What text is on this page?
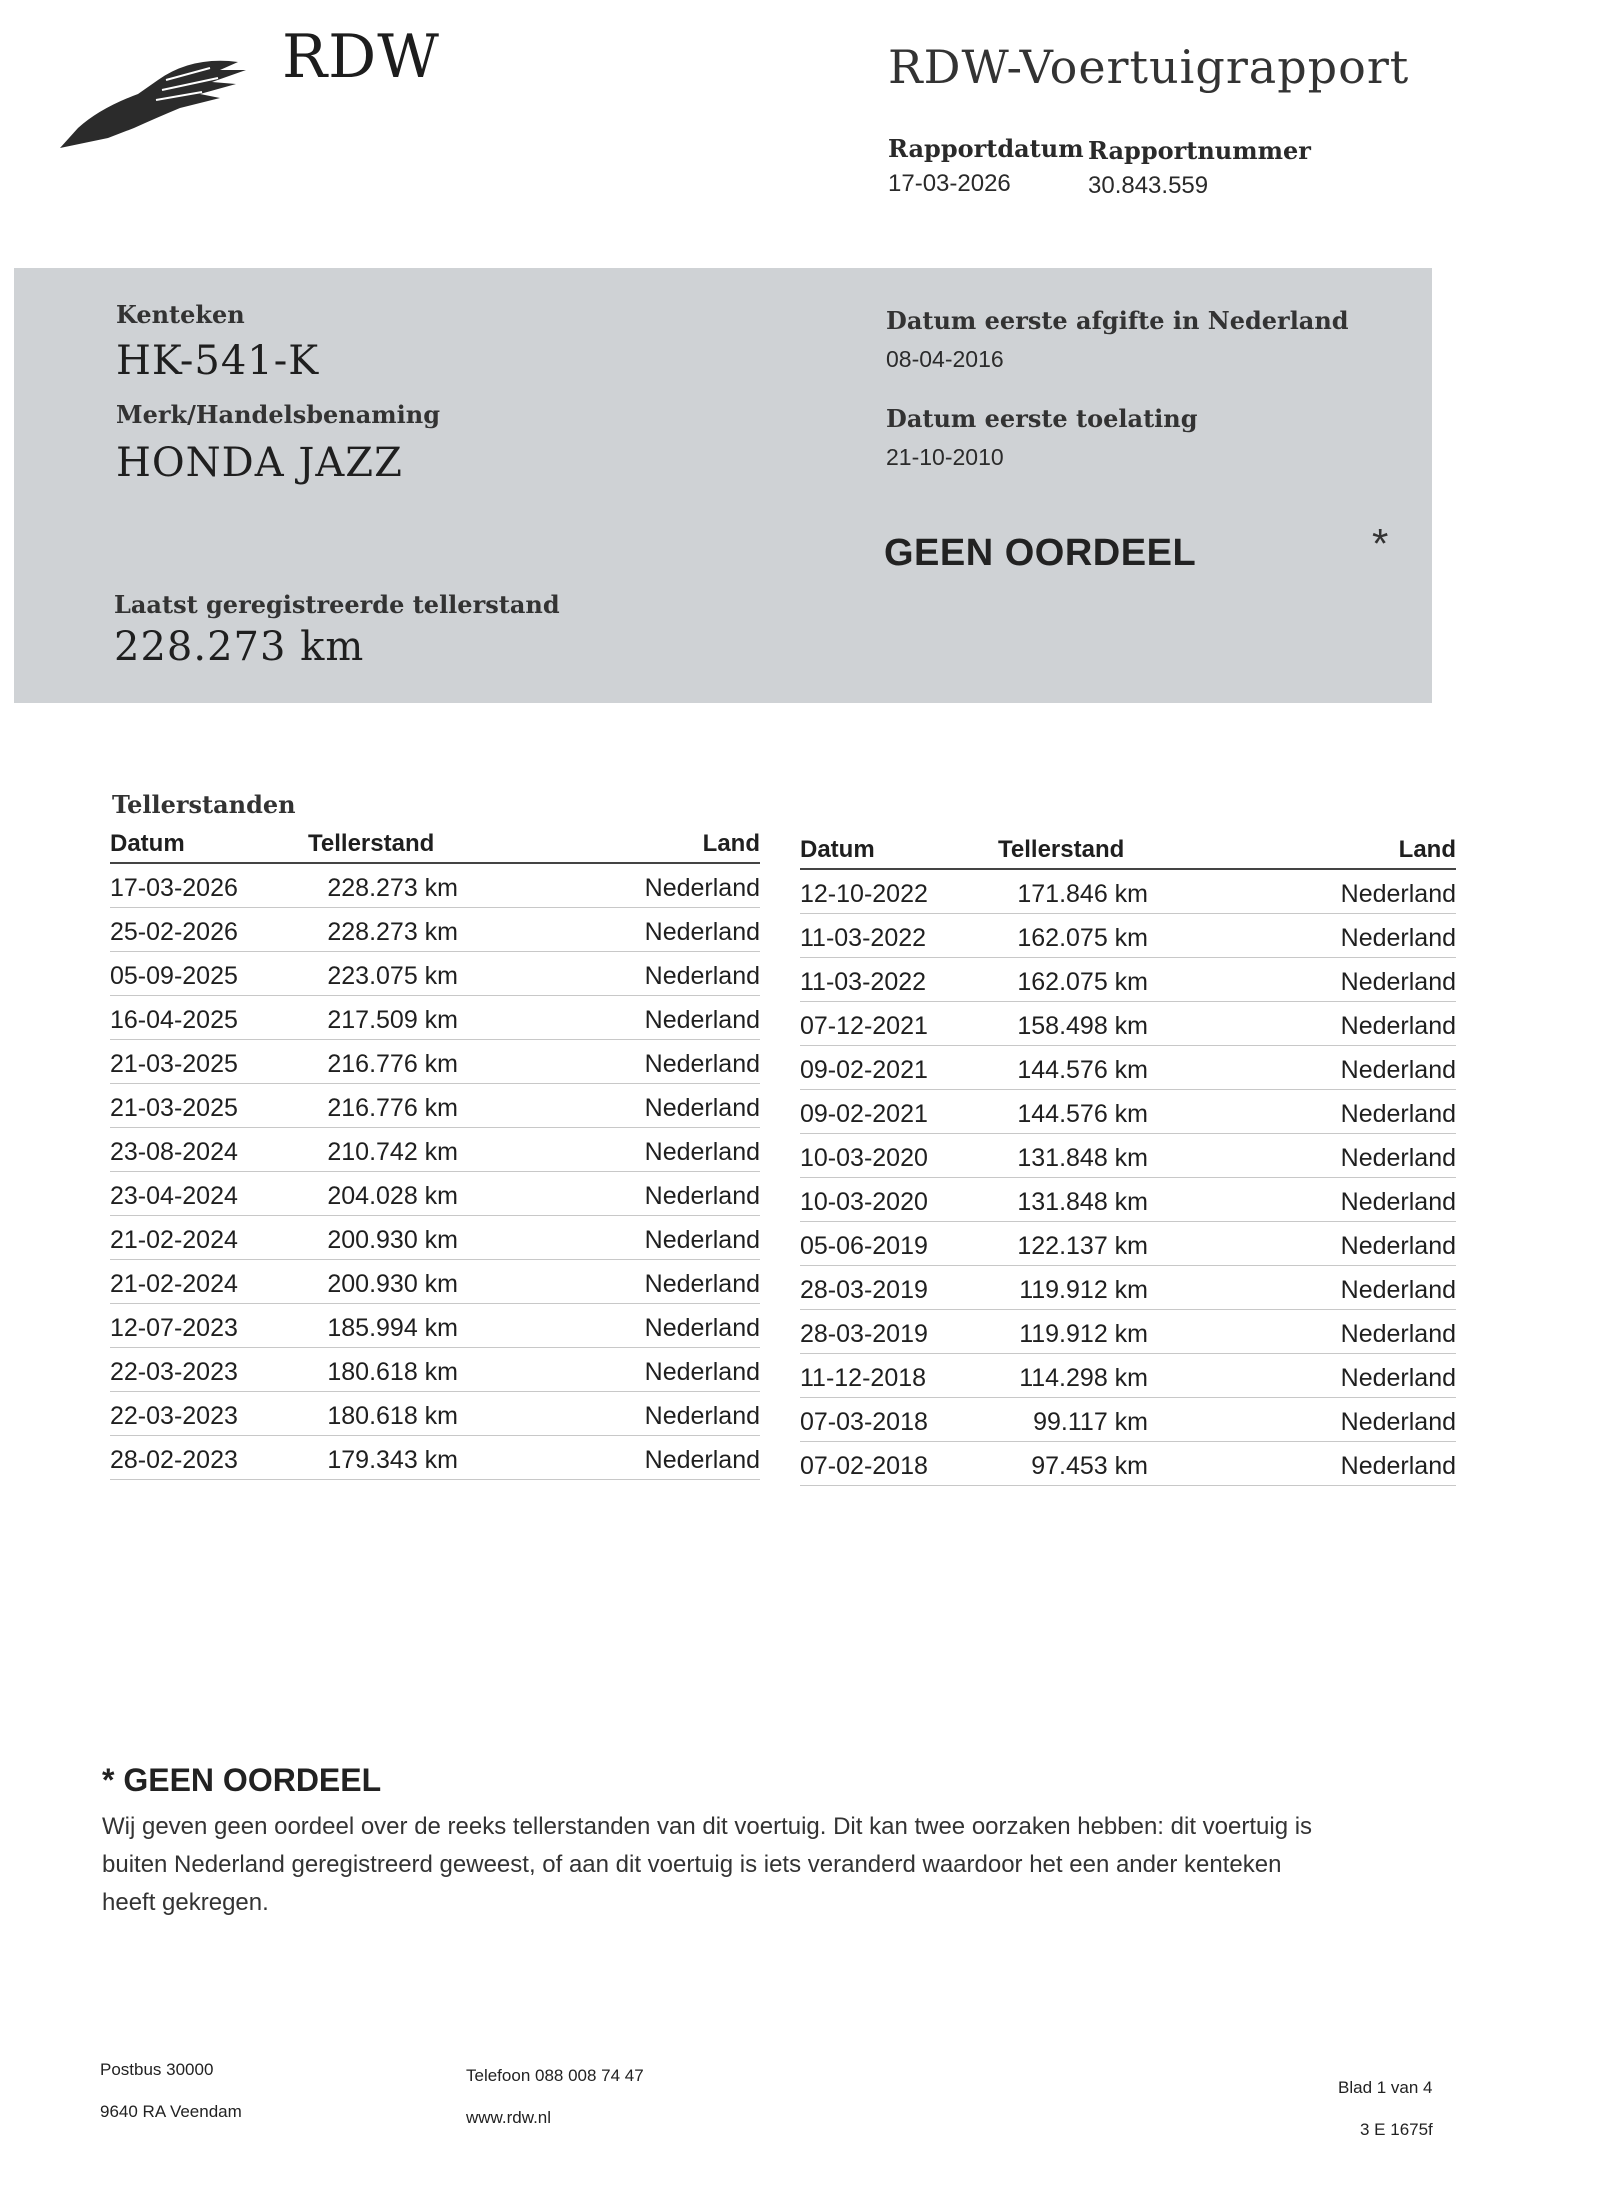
RDW	RDW-Voertuigrapport
Rapportdatum
17-03-2026
Rapportnummer
30.843.559
Kenteken
HK-541-K
Merk/Handelsbenaming
HONDA JAZZ
Datum eerste afgifte in Nederland
08-04-2016
Datum eerste toelating
21-10-2010
GEEN OORDEEL	*
Laatst geregistreerde tellerstand
228.273 km
Tellerstanden
Datum	Tellerstand	Land
17-03-2026	228.273 km	Nederland
25-02-2026	228.273 km	Nederland
05-09-2025	223.075 km	Nederland
16-04-2025	217.509 km	Nederland
21-03-2025	216.776 km	Nederland
21-03-2025	216.776 km	Nederland
23-08-2024	210.742 km	Nederland
23-04-2024	204.028 km	Nederland
21-02-2024	200.930 km	Nederland
21-02-2024	200.930 km	Nederland
12-07-2023	185.994 km	Nederland
22-03-2023	180.618 km	Nederland
22-03-2023	180.618 km	Nederland
28-02-2023	179.343 km	Nederland
Datum	Tellerstand	Land
12-10-2022	171.846 km	Nederland
11-03-2022	162.075 km	Nederland
11-03-2022	162.075 km	Nederland
07-12-2021	158.498 km	Nederland
09-02-2021	144.576 km	Nederland
09-02-2021	144.576 km	Nederland
10-03-2020	131.848 km	Nederland
10-03-2020	131.848 km	Nederland
05-06-2019	122.137 km	Nederland
28-03-2019	119.912 km	Nederland
28-03-2019	119.912 km	Nederland
11-12-2018	114.298 km	Nederland
07-03-2018	99.117 km	Nederland
07-02-2018	97.453 km	Nederland
* GEEN OORDEEL
Wij geven geen oordeel over de reeks tellerstanden van dit voertuig. Dit kan twee oorzaken hebben: dit voertuig is
buiten Nederland geregistreerd geweest, of aan dit voertuig is iets veranderd waardoor het een ander kenteken
heeft gekregen.
Postbus 30000
9640 RA Veendam
Telefoon 088 008 74 47
www.rdw.nl
Blad 1 van 4
3 E 1675f
